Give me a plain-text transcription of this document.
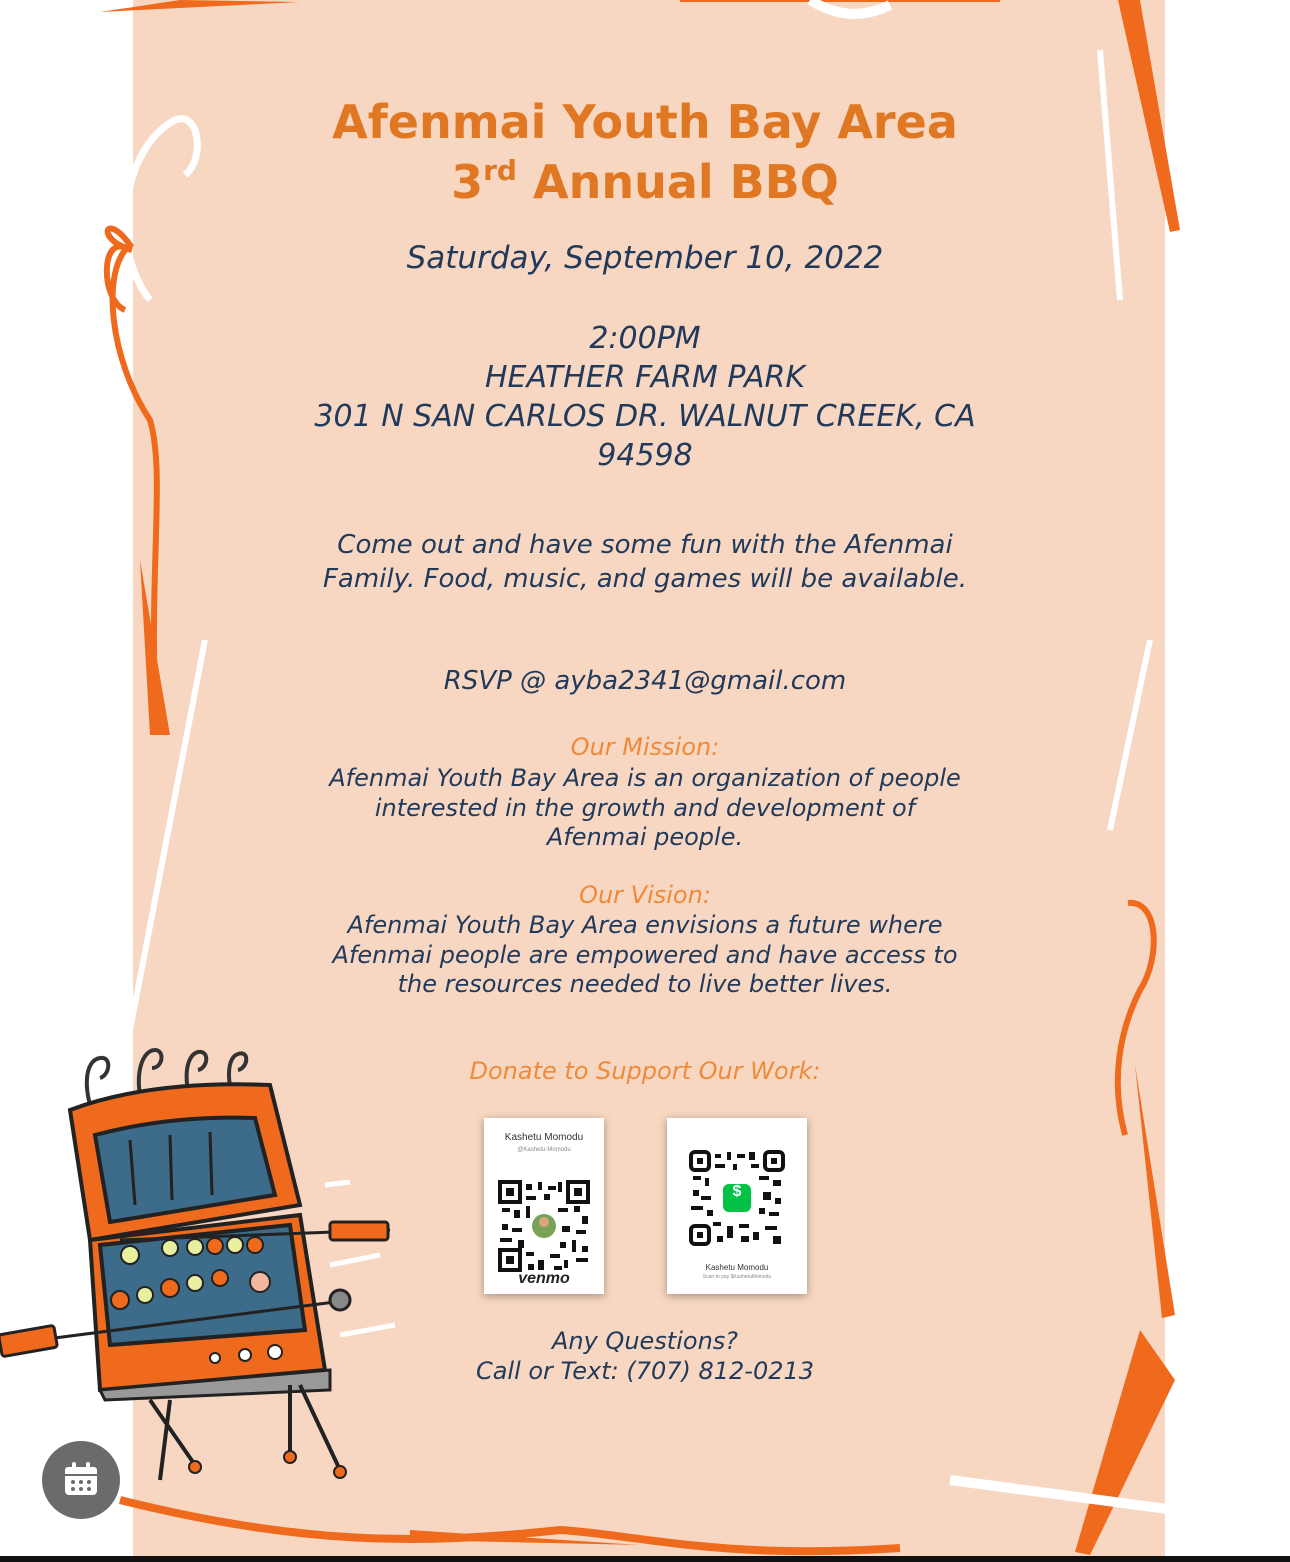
Afenmai Youth Bay Area
3rd Annual BBQ
Saturday, September 10, 2022
2:00PM
HEATHER FARM PARK
301 N SAN CARLOS DR. WALNUT CREEK, CA
94598
Come out and have some fun with the Afenmai Family. Food, music, and games will be available.
RSVP @ ayba2341@gmail.com
Our Mission:
Afenmai Youth Bay Area is an organization of people interested in the growth and development of Afenmai people.
Our Vision:
Afenmai Youth Bay Area envisions a future where Afenmai people are empowered and have access to the resources needed to live better lives.
Donate to Support Our Work:
Kashetu Momodu
@Kashetu-Momodu
venmo
$
Kashetu Momodu
Scan to pay $KashetuMomodu
Any Questions?
Call or Text: (707) 812-0213
